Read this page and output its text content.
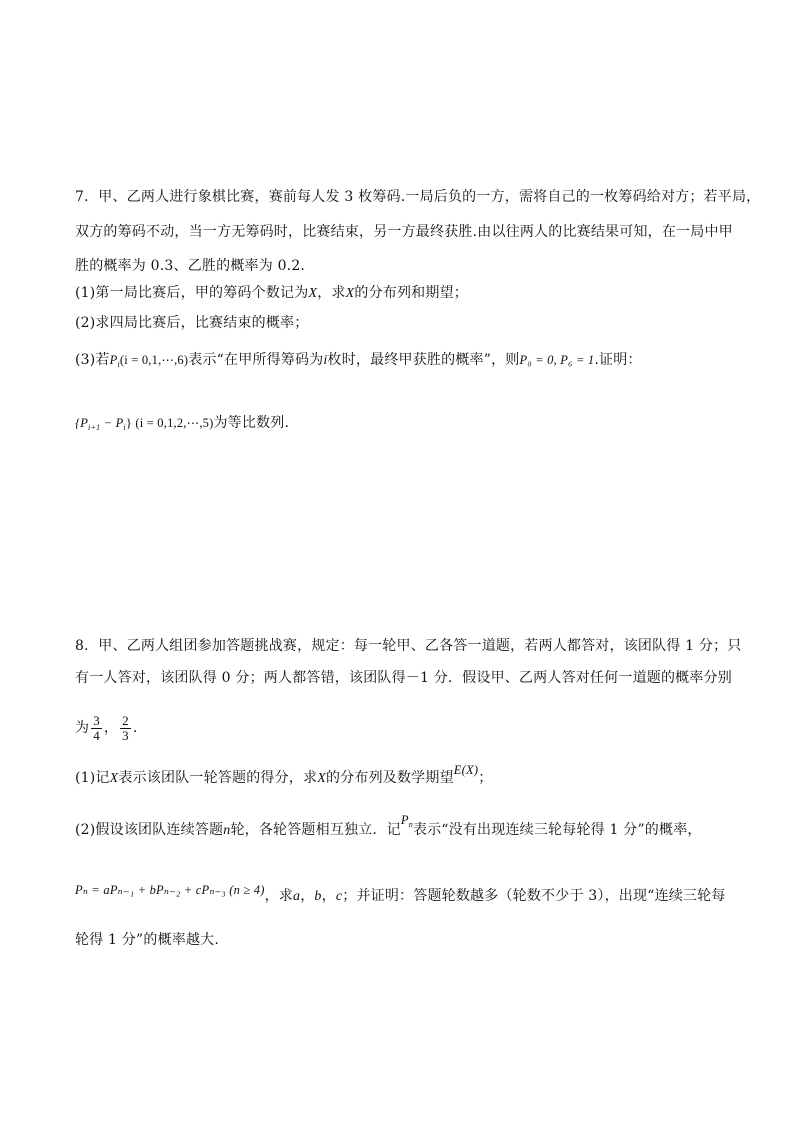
7．甲、乙两人进行象棋比赛，赛前每人发 3 枚筹码.一局后负的一方，需将自己的一枚筹码给对方；若平局，
双方的筹码不动，当一方无筹码时，比赛结束，另一方最终获胜.由以往两人的比赛结果可知，在一局中甲
胜的概率为 0.3、乙胜的概率为 0.2.
(1)第一局比赛后，甲的筹码个数记为X，求X的分布列和期望；
(2)求四局比赛后，比赛结束的概率；
(3)若$P_i(i$ = 0,1,⋯,6)表示“在甲所得筹码为i枚时，最终甲获胜的概率”，则P₀ = 0, P₆ = 1.证明：
$\{P_{i+1} - P_i\} (i$ = 0,1,2,⋯,5)为等比数列.
8．甲、乙两人组团参加答题挑战赛，规定：每一轮甲、乙各答一道题，若两人都答对，该团队得 1 分；只
有一人答对，该团队得 0 分；两人都答错，该团队得－1 分．假设甲、乙两人答对任何一道题的概率分别
为 $\frac{3}{4}$ ， $\frac{2}{3}$ .
(1)记X表示该团队一轮答题的得分，求X的分布列及数学期望E(X)；
(2)假设该团队连续答题n轮，各轮答题相互独立．记$P_n$表示“没有出现连续三轮每轮得 1 分”的概率，
Pₙ = aPₙ₋₁ + bPₙ₋₂ + cPₙ₋₃ (n ≥ 4)，求a，b，c；并证明：答题轮数越多（轮数不少于 3），出现“连续三轮每
轮得 1 分”的概率越大.
